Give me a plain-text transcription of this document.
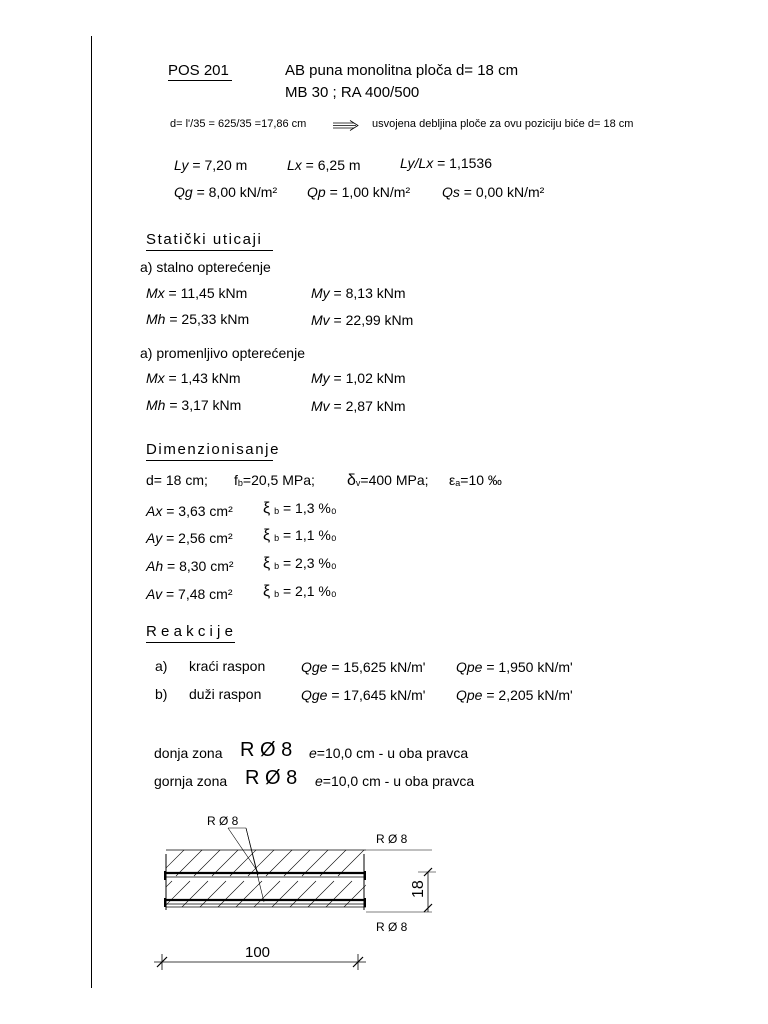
POS 201	AB puna monolitna ploča d= 18 cm
MB 30 ; RA 400/500
d= l'/35 = 625/35 =17,86 cm	usvojena debljina ploče za ovu poziciju biće d= 18 cm
Ly = 7,20 m	Lx = 6,25 m	Ly/Lx = 1,1536
Qg = 8,00 kN/m² Qp = 1,00 kN/m² Qs = 0,00 kN/m²
Statički uticaji
a) stalno opterećenje
Mx = 11,45 kNm	My = 8,13 kNm
Mh = 25,33 kNm	Mv = 22,99 kNm
a) promenljivo opterećenje
Mx = 1,43 kNm	My = 1,02 kNm
Mh = 3,17 kNm	Mv = 2,87 kNm
Dimenzionisanje
d= 18 cm; fb=20,5 MPa; δv=400 MPa; εa=10 ‰
Ax = 3,63 cm² ξ b = 1,3 %₀
Ay = 2,56 cm² ξ b = 1,1 %₀
Ah = 8,30 cm² ξ b = 2,3 %₀
Av = 7,48 cm² ξ b = 2,1 %₀
Reakcije
a) kraći raspon	Qge = 15,625 kN/m' Qpe = 1,950 kN/m'
b) duži raspon	Qge = 17,645 kN/m' Qpe = 2,205 kN/m'
donja zona R Ø 8 e=10,0 cm - u oba pravca
gornja zona R Ø 8 e=10,0 cm - u oba pravca
R Ø 8
R Ø 8
R Ø 8
18
100
